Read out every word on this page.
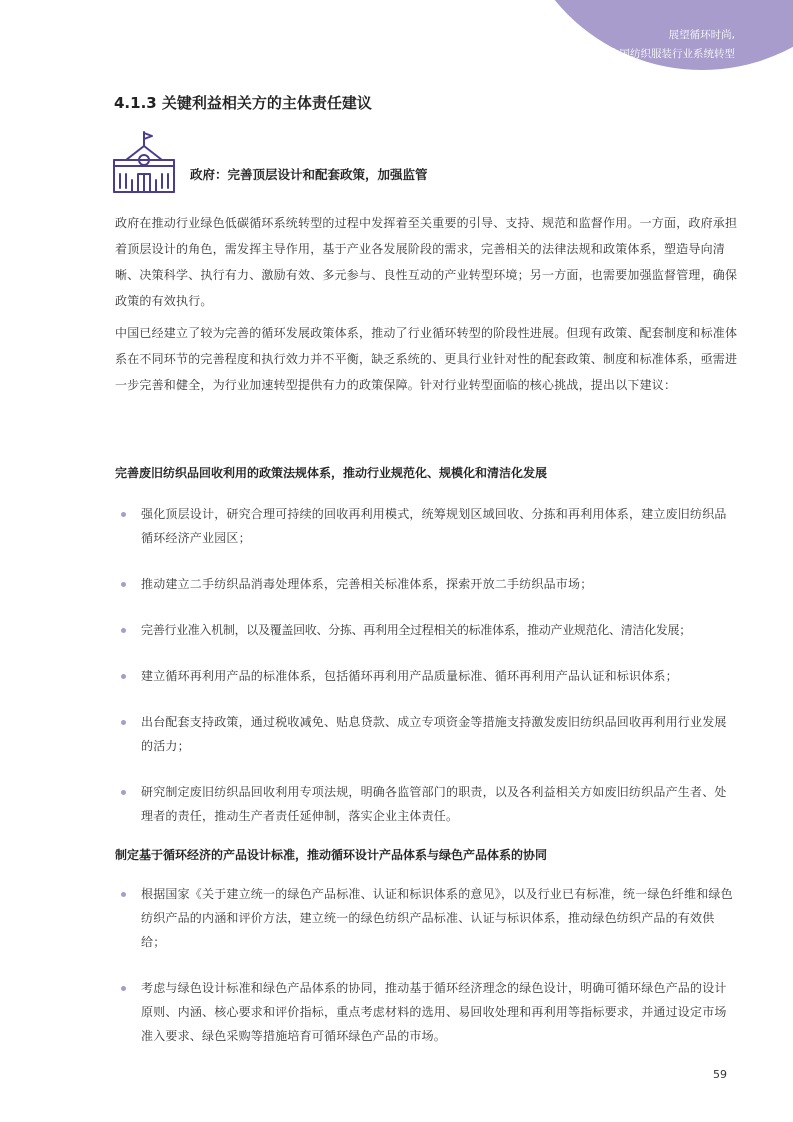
展望循环时尚,
加速中国纺织服装行业系统转型
4.1.3 关键利益相关方的主体责任建议
政府：完善顶层设计和配套政策，加强监管

政府在推动行业绿色低碳循环系统转型的过程中发挥着至关重要的引导、支持、规范和监督作用。一方面，政府承担着顶层设计的角色，需发挥主导作用，基于产业各发展阶段的需求，完善相关的法律法规和政策体系，塑造导向清晰、决策科学、执行有力、激励有效、多元参与、良性互动的产业转型环境；另一方面，也需要加强监督管理，确保政策的有效执行。

中国已经建立了较为完善的循环发展政策体系，推动了行业循环转型的阶段性进展。但现有政策、配套制度和标准体系在不同环节的完善程度和执行效力并不平衡，缺乏系统的、更具行业针对性的配套政策、制度和标准体系，亟需进一步完善和健全，为行业加速转型提供有力的政策保障。针对行业转型面临的核心挑战，提出以下建议：

完善废旧纺织品回收利用的政策法规体系，推动行业规范化、规模化和清洁化发展
强化顶层设计，研究合理可持续的回收再利用模式，统筹规划区域回收、分拣和再利用体系，建立废旧纺织品循环经济产业园区；
推动建立二手纺织品消毒处理体系，完善相关标准体系，探索开放二手纺织品市场；
完善行业准入机制，以及覆盖回收、分拣、再利用全过程相关的标准体系，推动产业规范化、清洁化发展；
建立循环再利用产品的标准体系，包括循环再利用产品质量标准、循环再利用产品认证和标识体系；
出台配套支持政策，通过税收减免、贴息贷款、成立专项资金等措施支持激发废旧纺织品回收再利用行业发展的活力；
研究制定废旧纺织品回收利用专项法规，明确各监管部门的职责，以及各利益相关方如废旧纺织品产生者、处理者的责任，推动生产者责任延伸制，落实企业主体责任。
制定基于循环经济的产品设计标准，推动循环设计产品体系与绿色产品体系的协同
根据国家《关于建立统一的绿色产品标准、认证和标识体系的意见》，以及行业已有标准，统一绿色纤维和绿色纺织产品的内涵和评价方法，建立统一的绿色纺织产品标准、认证与标识体系，推动绿色纺织产品的有效供给；
考虑与绿色设计标准和绿色产品体系的协同，推动基于循环经济理念的绿色设计，明确可循环绿色产品的设计原则、内涵、核心要求和评价指标，重点考虑材料的选用、易回收处理和再利用等指标要求，并通过设定市场准入要求、绿色采购等措施培育可循环绿色产品的市场。
59
